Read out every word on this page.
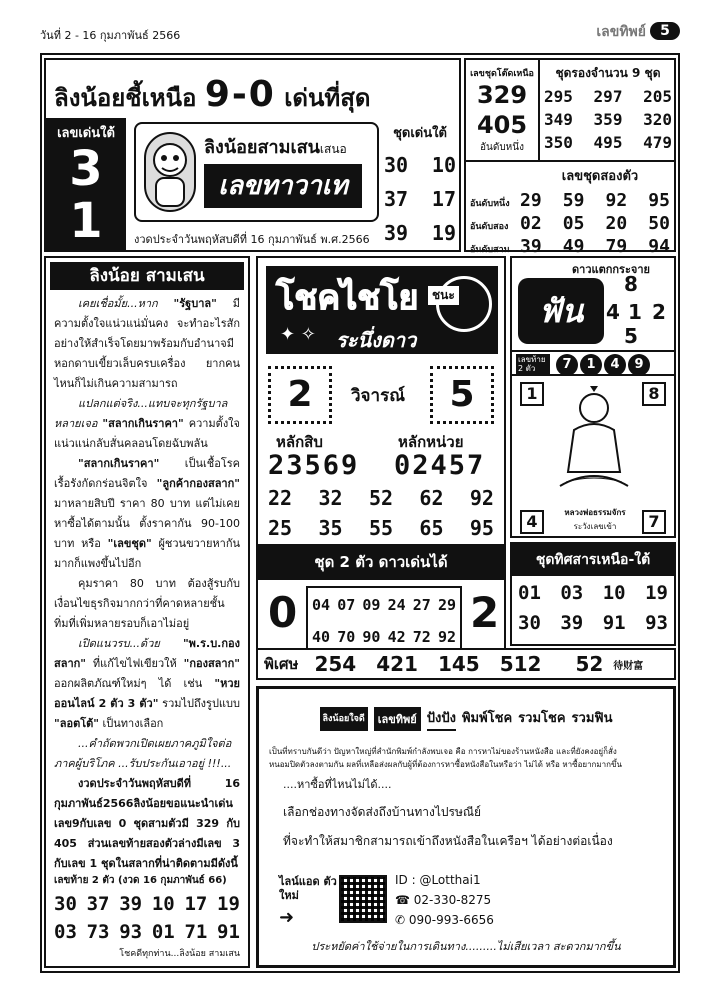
วันที่ 2 - 16 กุมภาพันธ์ 2566	เลขทิพย์	5
ลิงน้อยชี้เหนือ 9-0 เด่นที่สุด
เลขเด่นใต้
3
1
ลิงน้อยสามเสนเสนอ
เลขทาวาเท
ชุดเด่นใต้
30 10
37 17
39 19
งวดประจำวันพฤหัสบดีที่ 16 กุมภาพันธ์ พ.ศ.2566
เลขชุดโต๊ดเหนือ
329
405
อันดับหนึ่ง
ชุดรองจำนวน 9 ชุด
295 297 205
349 359 320
350 495 479
เลขชุดสองตัว
อันดับหนึ่ง 29 59 92 95
อันดับสอง 02 05 20 50
อันดับสาม 39 49 79 94
ลิงน้อย สามเสน

เคยเชื่อมั้ย...หาก "รัฐบาล" มีความตั้งใจแน่วแน่มั่นคง จะทำอะไรสักอย่างให้สำเร็จโดยมาพร้อมกับอำนาจมีหอกดาบเขี้ยวเล็บครบเครื่อง ยากคนไหนก็ไม่เกินความสามารถ

แปลกแต่จริง...แทบจะทุกรัฐบาลหลายเจอ "สลากเกินราคา" ความตั้งใจแน่วแน่กลับสั่นคลอนโดยฉับพลัน

"สลากเกินราคา" เป็นเชื้อโรคเรื้อรังกัดกร่อนจิตใจ "ลูกค้ากองสลาก" มาหลายสิบปี ราคา 80 บาท แต่ไม่เคยหาซื้อได้ตามนั้น ตั้งราคากัน 90-100 บาท หรือ "เลขชุด" ผู้ชวนขวายหากันมากก็แพงขึ้นไปอีก

คุมราคา 80 บาท ต้องสู้รบกับเงื่อนไขธุรกิจมากกว่าที่คาดหลายชั้น ทิ่มที่เพิ่มหลายรอบก็เอาไม่อยู่

เปิดแนวรบ...ด้วย "พ.ร.บ.กองสลาก" ที่แก้ไขไฟเขียวให้ "กองสลาก" ออกผลิตภัณฑ์ใหม่ๆ ได้ เช่น "หวยออนไลน์ 2 ตัว 3 ตัว" รวมไปถึงรูปแบบ "ลอตโต้" เป็นทางเลือก

...คำถัดพวกเปิดเผยภาคภูมิใจต่อภาคผู้บริโภค ...รับประกันเอาอยู่ !!!...

งวดประจำวันพฤหัสบดีที่ 16 กุมภาพันธ์2566ลิงน้อยขอแนะนำเด่นเลข9กับเลข 0 ชุดสามตัวมี 329 กับ 405 ส่วนเลขท้ายสองตัวล่างมีเลข 3 กับเลข 1 ชุดในสลากที่น่าติดตามมีดังนี้

เลขท้าย 2 ตัว (งวด 16 กุมภาพันธ์ 66)
30 37 39 10 17 19
03 73 93 01 71 91
โชคดีทุกท่าน...ลิงน้อย สามเสน
โชคไชโย	ชนะ
ระนึ่งดาว
✦ ✧
2	วิจารณ์	5
หลักสิบ	หลักหน่วย
23569 02457
22 32 52 62 92
25 35 55 65 95
ชุด 2 ตัว ดาวเด่นได้
0	2
04 07 09 24 27 29
40 70 90 42 72 92
พิเศษ 254 421 145 512 52 待财富
ดาวแตกกระจาย
ฟัน
8
4 1 2
5
เลขท้าย 2 ตัว	7 1 4 9
1	8
4	7
หลวงพ่อธรรมจักร
ระวังเลขเข้า
ชุดทิศสารเหนือ-ใต้
01 03 10 19
30 39 91 93
ลิงน้อยใจดี	เลขทิพย์ ปังปัง พิมพ์โชค รวมโชค รวมฟิน
เป็นที่ทราบกันดีว่า ปัญหาใหญ่ที่สำนักพิมพ์กำลังพบเจอ คือ การหาไม่ของร้านหนังสือ และที่ยังคงอยู่ก็สั่ง
หนอมปิดตัวลงตามกัน ผลที่เหลือส่งผลกับผู้ที่ต้องการหาซื้อหนังสือในหรือว่า ไม่ได้ หรือ หาซื้อยากมากขึ้น
....หาซื้อที่ไหนไม่ได้....
เลือกช่องทางจัดส่งถึงบ้านทางไปรษณีย์
ที่จะทำให้สมาชิกสามารถเข้าถึงหนังสือในเครือฯ ได้อย่างต่อเนื่อง
ไลน์แอด ตัวใหม่
➜
ID : @Lotthai1
☎ 02-330-8275
✆ 090-993-6656
ประหยัดค่าใช้จ่ายในการเดินทาง.........ไม่เสียเวลา สะดวกมากขึ้น
